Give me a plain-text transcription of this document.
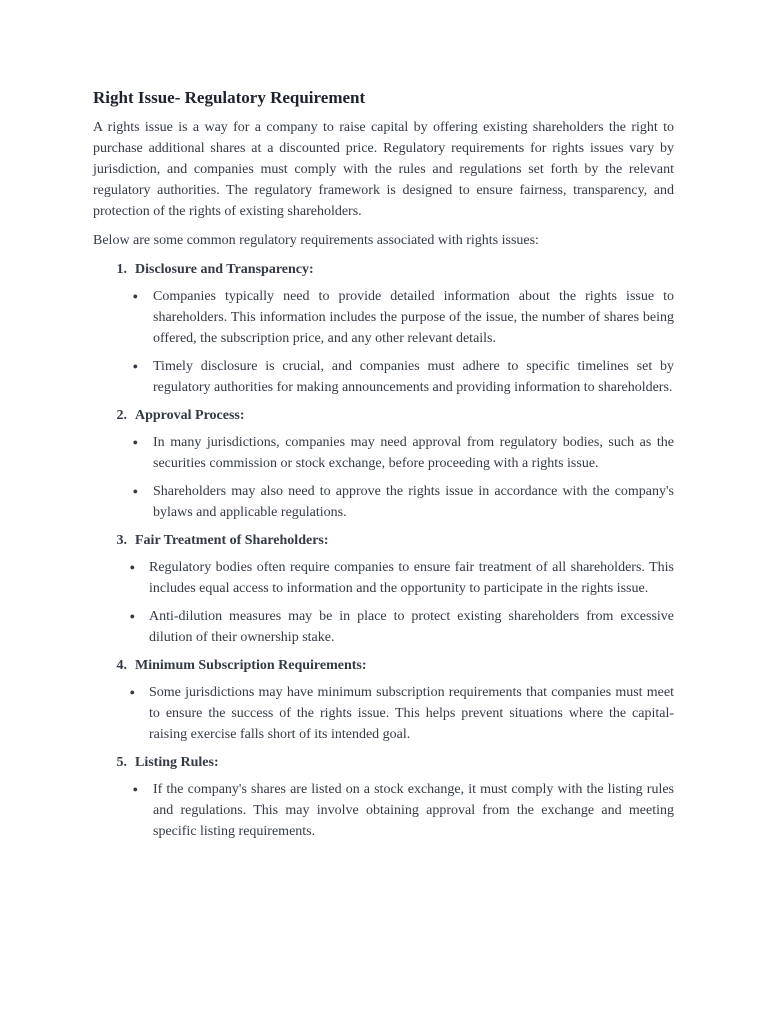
Right Issue- Regulatory Requirement

A rights issue is a way for a company to raise capital by offering existing shareholders the right to purchase additional shares at a discounted price. Regulatory requirements for rights issues vary by jurisdiction, and companies must comply with the rules and regulations set forth by the relevant regulatory authorities. The regulatory framework is designed to ensure fairness, transparency, and protection of the rights of existing shareholders.

Below are some common regulatory requirements associated with rights issues:

1. Disclosure and Transparency:
●	Companies typically need to provide detailed information about the rights issue to shareholders. This information includes the purpose of the issue, the number of shares being offered, the subscription price, and any other relevant details.
●	Timely disclosure is crucial, and companies must adhere to specific timelines set by regulatory authorities for making announcements and providing information to shareholders.
2. Approval Process:
●	In many jurisdictions, companies may need approval from regulatory bodies, such as the securities commission or stock exchange, before proceeding with a rights issue.
●	Shareholders may also need to approve the rights issue in accordance with the company's bylaws and applicable regulations.
3. Fair Treatment of Shareholders:
●	Regulatory bodies often require companies to ensure fair treatment of all shareholders. This includes equal access to information and the opportunity to participate in the rights issue.
●	Anti-dilution measures may be in place to protect existing shareholders from excessive dilution of their ownership stake.
4. Minimum Subscription Requirements:
●	Some jurisdictions may have minimum subscription requirements that companies must meet to ensure the success of the rights issue. This helps prevent situations where the capital-raising exercise falls short of its intended goal.
5. Listing Rules:
●	If the company's shares are listed on a stock exchange, it must comply with the listing rules and regulations. This may involve obtaining approval from the exchange and meeting specific listing requirements.
